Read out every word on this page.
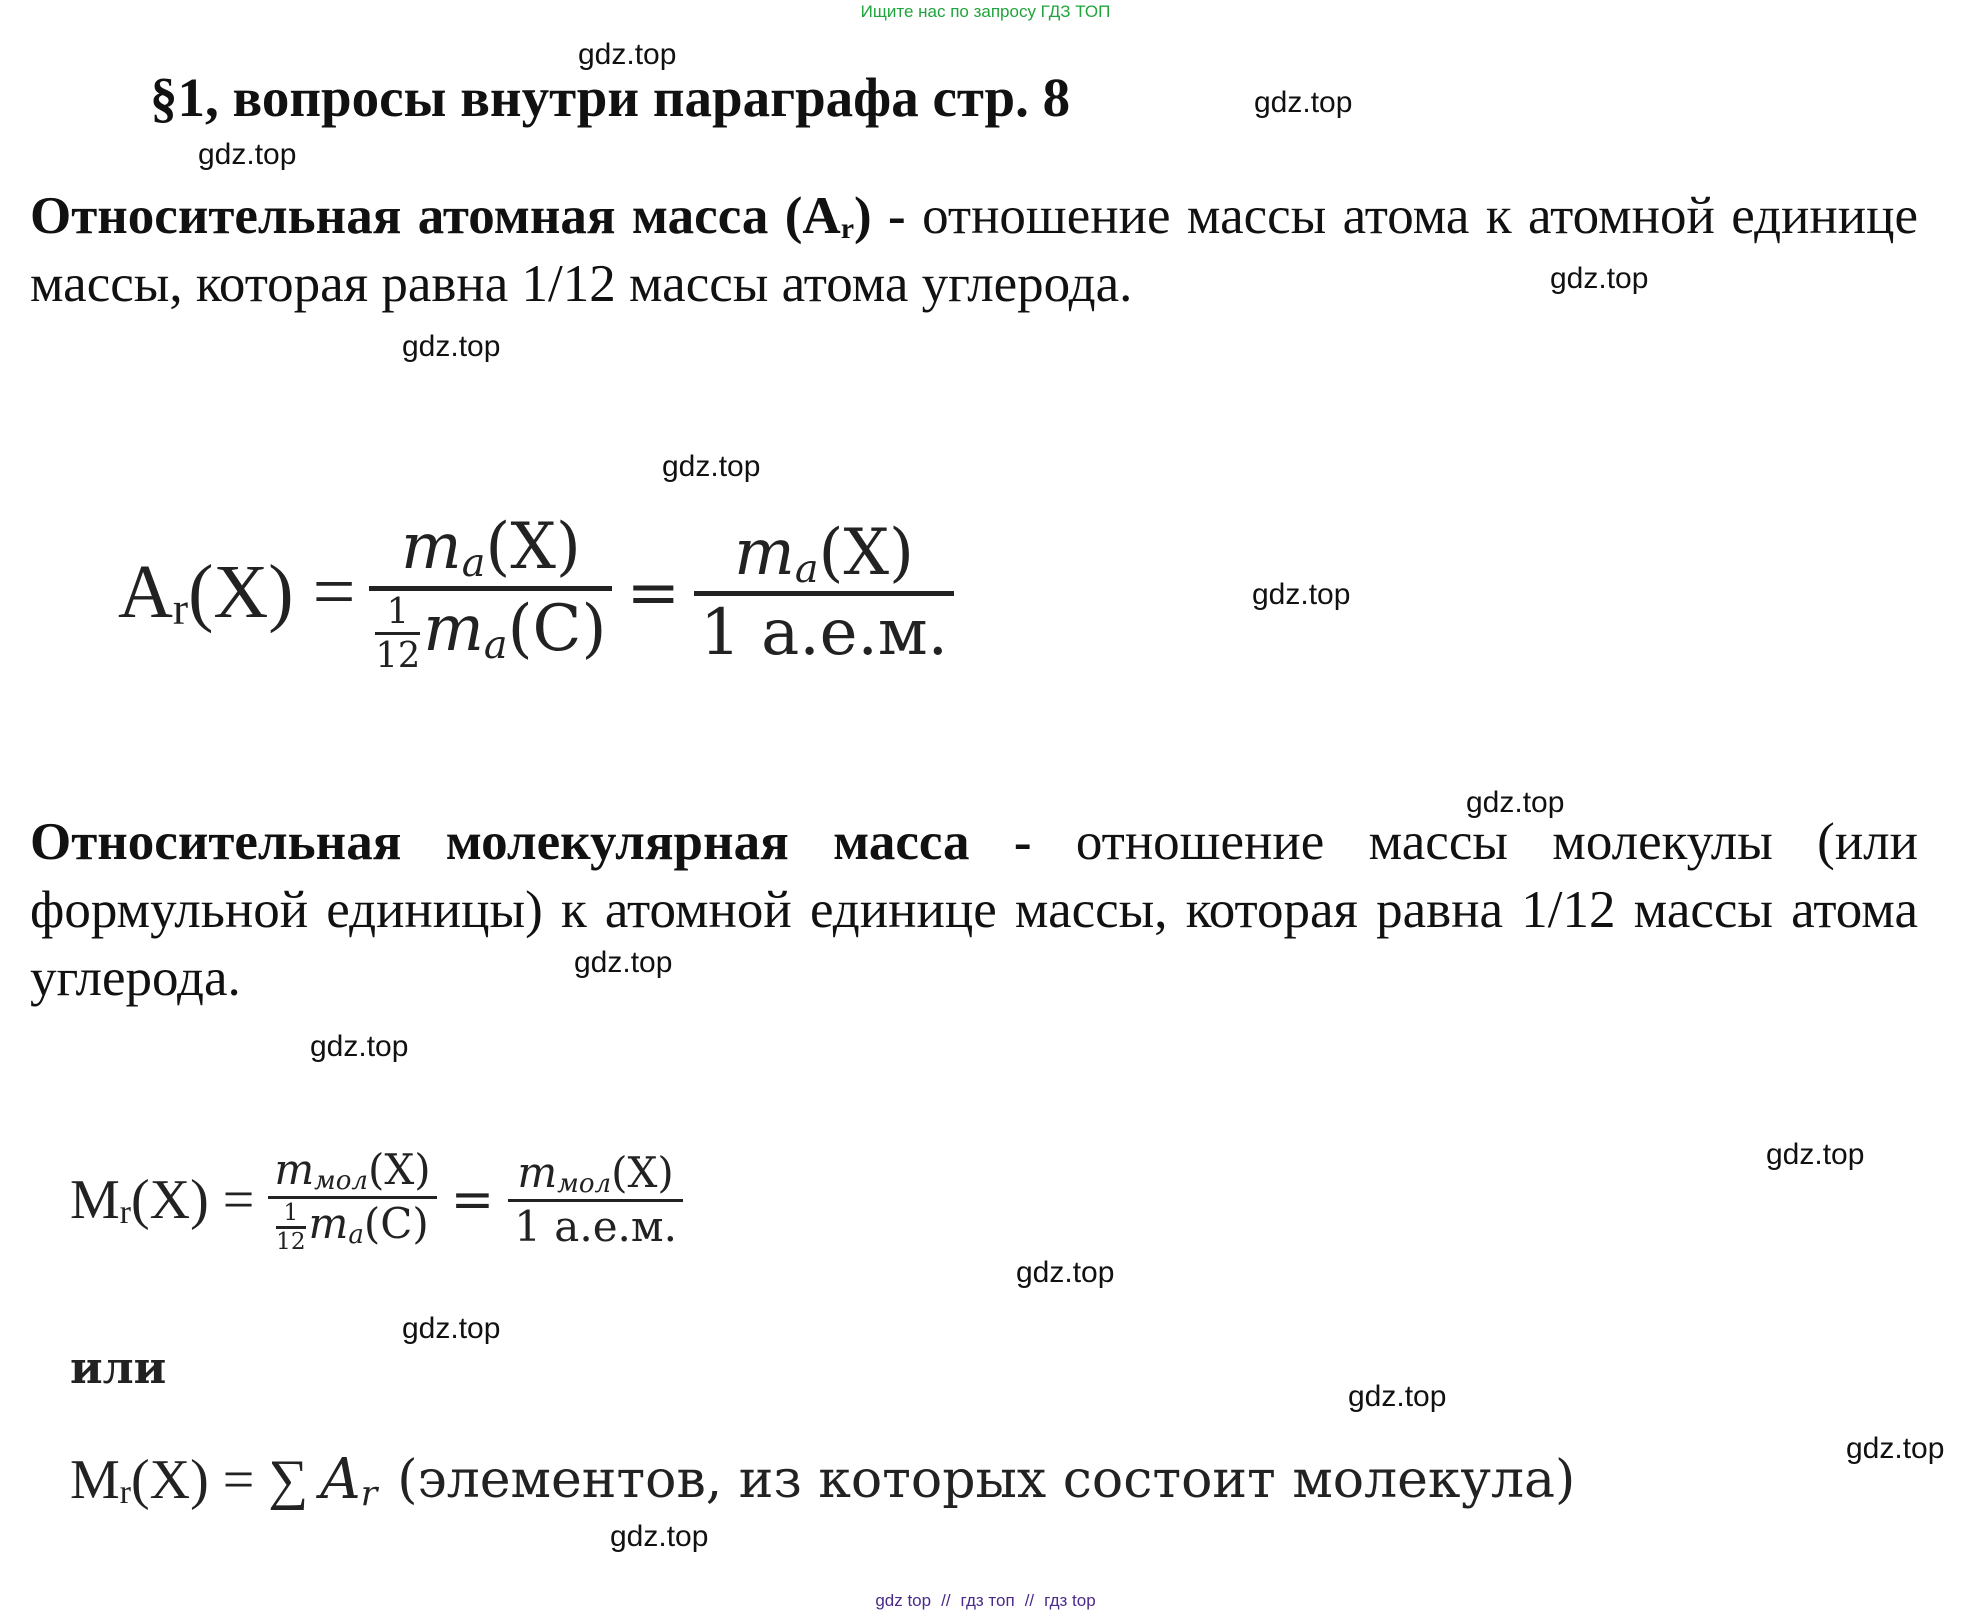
Ищите нас по запросу ГДЗ ТОП
§1, вопросы внутри параграфа стр. 8
Относительная атомная масса $(A_r)$ - отношение массы атома к атомной единице массы, которая равна 1/12 массы атома углерода.
Ar(X) =
ma(X)
$\frac{1}{12} ma(C)$ =
ma(X)
1 а.е.м.
Относительная молекулярная масса - отношение массы молекулы (или формульной единицы) к атомной единице массы, которая равна 1/12 массы атома углерода.
$Mr(X) = \frac{\text{mмол(X)}}{\frac{1}{12} ma(C)} = \frac{\text{mмол(X)}}{1 а.е.м.}$
или
Mr(X) = ∑ Ar (элементов, из которых состоит молекула)
gdz.top
gdz.top
gdz.top
gdz.top
gdz.top
gdz.top
gdz.top
gdz.top
gdz.top
gdz.top
gdz.top
gdz.top
gdz.top
gdz.top
gdz.top
gdz.top
gdz top // гдз топ // гдз top
